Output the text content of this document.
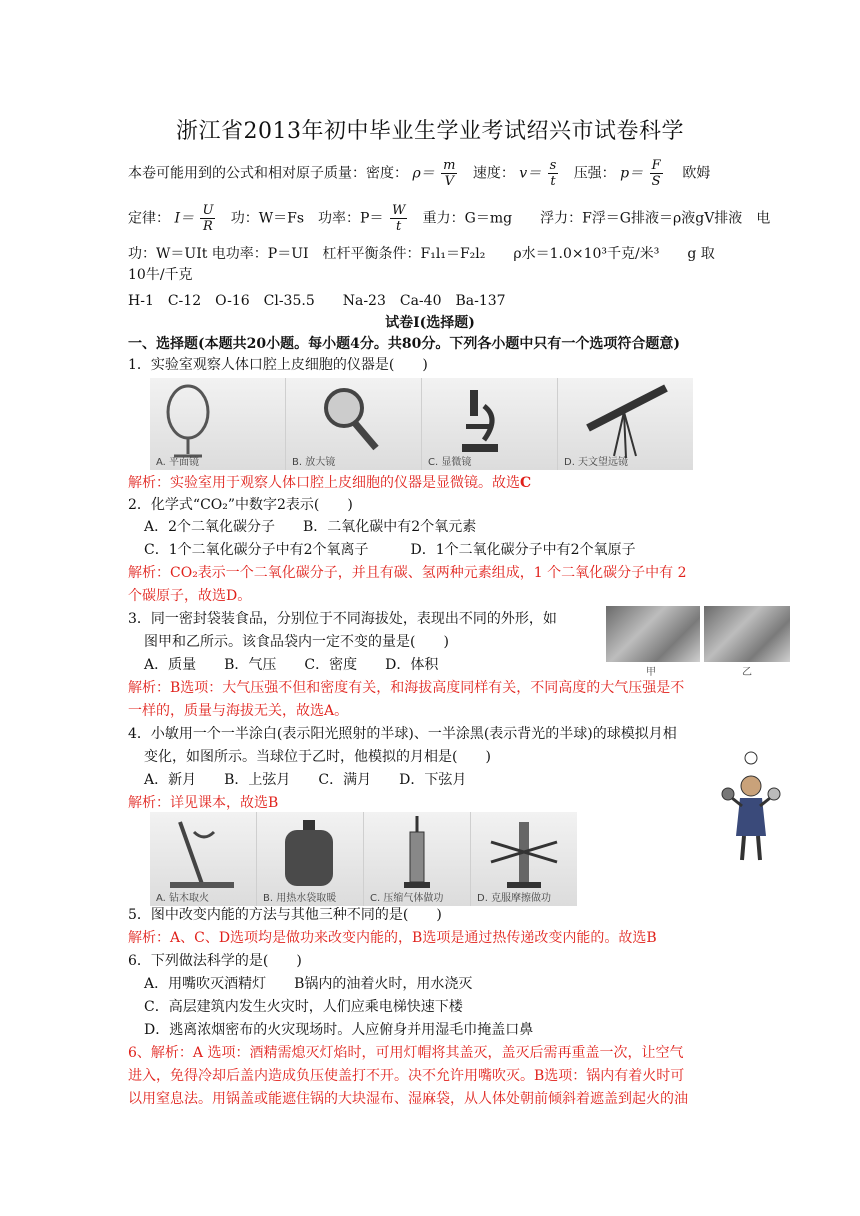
浙江省2013年初中毕业生学业考试绍兴市试卷科学
本卷可能用到的公式和相对原子质量：密度： $\rho= \frac{m}{V}$ 速度： $v= \frac{s}{t}$ 压强： $p= \frac{F}{S}$ 欧姆
定律： $I= \frac{U}{R}$ 功：W＝Fs　功率：$P= \frac{W}{t}$ 重力：G＝mg　　浮力：F浮＝G排液＝ρ液gV排液　电
功：W＝UIt 电功率：P＝UI　杠杆平衡条件：F₁l₁＝F₂l₂　　ρ水＝1.0×10³千克/米³　　g 取
10牛/千克
H-1　C-12　O-16　Cl-35.5　　Na-23　Ca-40　Ba-137
试卷Ⅰ(选择题)
一、选择题(本题共20小题。每小题4分。共80分。下列各小题中只有一个选项符合题意)
1．实验室观察人体口腔上皮细胞的仪器是(　　)
A. 平面镜	B. 放大镜	C. 显微镜	D. 天文望远镜
解析：实验室用于观察人体口腔上皮细胞的仪器是显微镜。故选C
2．化学式“CO₂”中数字2表示(　　)
A．2个二氧化碳分子　　B．二氧化碳中有2个氧元素
C．1个二氧化碳分子中有2个氧离子　　　D．1个二氧化碳分子中有2个氧原子
解析：CO₂表示一个二氧化碳分子，并且有碳、氢两种元素组成，1 个二氧化碳分子中有 2
个碳原子，故选D。
3．同一密封袋装食品，分别位于不同海拔处，表现出不同的外形，如
图甲和乙所示。该食品袋内一定不变的量是(　　)
A．质量　　B．气压　　C．密度　　D．体积	甲	乙
解析：B选项：大气压强不但和密度有关，和海拔高度同样有关，不同高度的大气压强是不
一样的，质量与海拔无关，故选A。
4．小敏用一个一半涂白(表示阳光照射的半球)、一半涂黑(表示背光的半球)的球模拟月相
变化，如图所示。当球位于乙时，他模拟的月相是(　　)
A．新月　　B．上弦月　　C．满月　　D．下弦月
解析：详见课本，故选B
A. 钻木取火	B. 用热水袋取暖	C. 压缩气体做功	D. 克服摩擦做功
5．图中改变内能的方法与其他三种不同的是(　　)
解析：A、C、D选项均是做功来改变内能的，B选项是通过热传递改变内能的。故选B
6．下列做法科学的是(　　)
A．用嘴吹灭酒精灯　　B锅内的油着火时，用水浇灭
C．高层建筑内发生火灾时，人们应乘电梯快速下楼
D．逃离浓烟密布的火灾现场时。人应俯身并用湿毛巾掩盖口鼻
6、解析：A 选项：酒精需熄灭灯焰时，可用灯帽将其盖灭，盖灭后需再重盖一次，让空气
进入，免得冷却后盖内造成负压使盖打不开。决不允许用嘴吹灭。B选项：锅内有着火时可
以用窒息法。用锅盖或能遮住锅的大块湿布、湿麻袋，从人体处朝前倾斜着遮盖到起火的油
